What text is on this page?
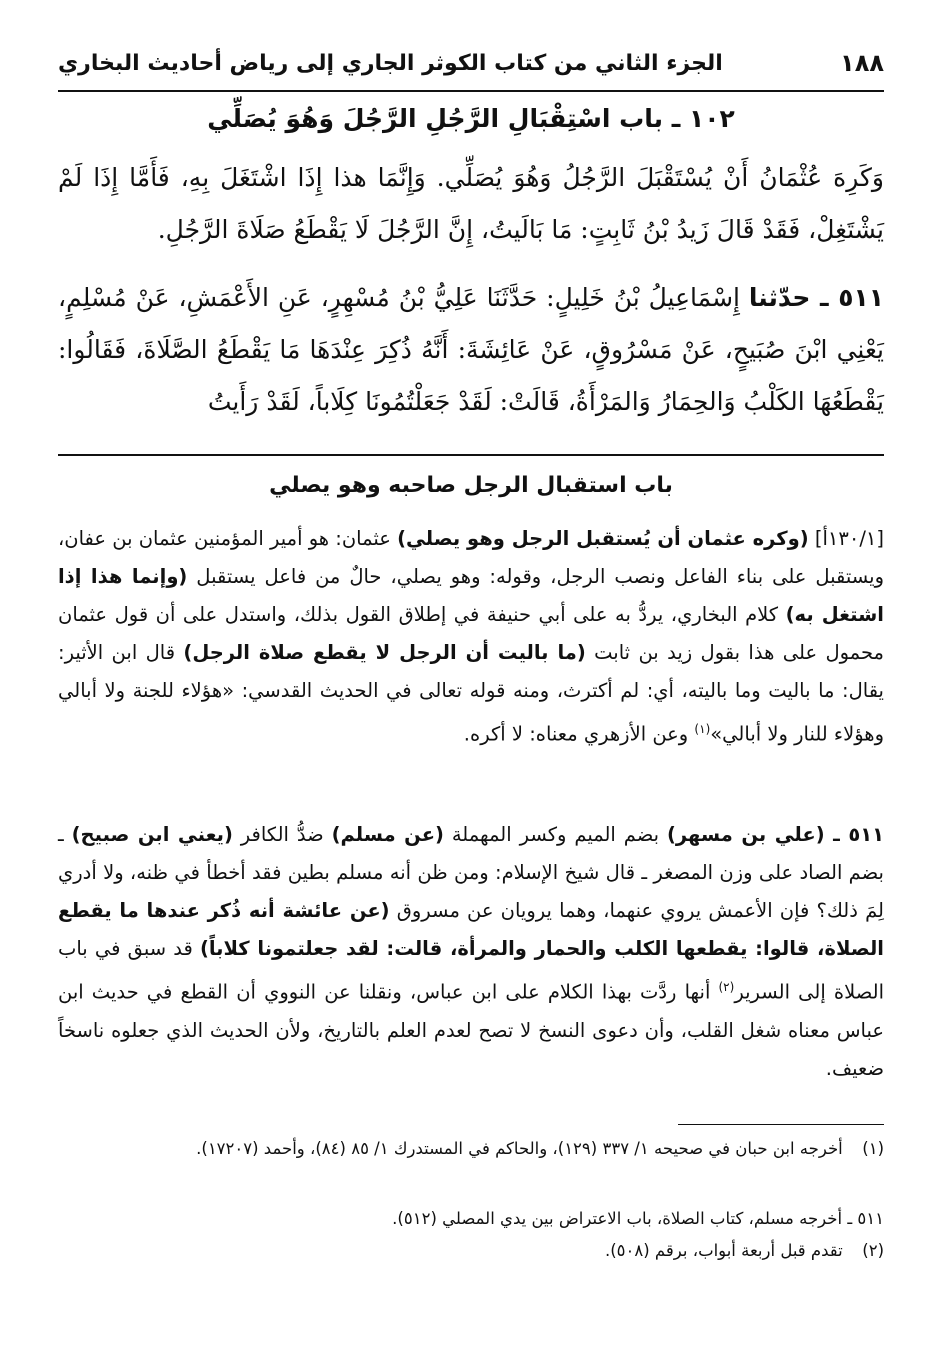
١٨٨
الجزء الثاني من كتاب الكوثر الجاري إلى رياض أحاديث البخاري
١٠٢ ـ باب اسْتِقْبَالِ الرَّجُلِ الرَّجُلَ وَهُوَ يُصَلِّي
وَكَرِهَ عُثْمَانُ أَنْ يُسْتَقْبَلَ الرَّجُلُ وَهُوَ يُصَلِّي. وَإِنَّمَا هذا إِذَا اشْتَغَلَ بِهِ، فَأَمَّا إِذَا لَمْ يَشْتَغِلْ، فَقَدْ قَالَ زَيدُ بْنُ ثَابِتٍ: مَا بَالَيتُ، إِنَّ الرَّجُلَ لَا يَقْطَعُ صَلَاةَ الرَّجُلِ.
٥١١ ـ حدّثنا إِسْمَاعِيلُ بْنُ خَلِيلٍ: حَدَّثَنَا عَلِيُّ بْنُ مُسْهِرٍ، عَنِ الأَعْمَشِ، عَنْ مُسْلِمٍ، يَعْنِي ابْنَ صُبَيحٍ، عَنْ مَسْرُوقٍ، عَنْ عَائِشَةَ: أَنَّهُ ذُكِرَ عِنْدَهَا مَا يَقْطَعُ الصَّلَاةَ، فَقَالُوا: يَقْطَعُهَا الكَلْبُ وَالحِمَارُ وَالمَرْأَةُ، قَالَتْ: لَقَدْ جَعَلْتُمُونَا كِلَاباً، لَقَدْ رَأَيتُ
باب استقبال الرجل صاحبه وهو يصلي
[١٣٠/١أ] (وكره عثمان أن يُستقبل الرجل وهو يصلي) عثمان: هو أمير المؤمنين عثمان بن عفان، ويستقبل على بناء الفاعل ونصب الرجل، وقوله: وهو يصلي، حالٌ من فاعل يستقبل (وإنما هذا إذا اشتغل به) كلام البخاري، يردُّ به على أبي حنيفة في إطلاق القول بذلك، واستدل على أن قول عثمان محمول على هذا بقول زيد بن ثابت (ما باليت أن الرجل لا يقطع صلاة الرجل) قال ابن الأثير: يقال: ما باليت وما باليته، أي: لم أكترث، ومنه قوله تعالى في الحديث القدسي: «هؤلاء للجنة ولا أبالي وهؤلاء للنار ولا أبالي»$^{(١)}$ وعن الأزهري معناه: لا أكره.
٥١١ ـ (علي بن مسهر) بضم الميم وكسر المهملة (عن مسلم) ضدُّ الكافر (يعني ابن صبيح) ـ بضم الصاد على وزن المصغر ـ قال شيخ الإسلام: ومن ظن أنه مسلم بطين فقد أخطأ في ظنه، ولا أدري لِمَ ذلك؟ فإن الأعمش يروي عنهما، وهما يرويان عن مسروق (عن عائشة أنه ذُكر عندها ما يقطع الصلاة، قالوا: يقطعها الكلب والحمار والمرأة، قالت: لقد جعلتمونا كلاباً) قد سبق في باب الصلاة إلى السرير$^{(٢)}$ أنها ردَّت بهذا الكلام على ابن عباس، ونقلنا عن النووي أن القطع في حديث ابن عباس معناه شغل القلب، وأن دعوى النسخ لا تصح لعدم العلم بالتاريخ، ولأن الحديث الذي جعلوه ناسخاً ضعيف.
(١) أخرجه ابن حبان في صحيحه ١/ ٣٣٧ (١٢٩)، والحاكم في المستدرك ١/ ٨٥ (٨٤)، وأحمد (١٧٢٠٧).
٥١١ ـ أخرجه مسلم، كتاب الصلاة، باب الاعتراض بين يدي المصلي (٥١٢).
(٢) تقدم قبل أربعة أبواب، برقم (٥٠٨).
